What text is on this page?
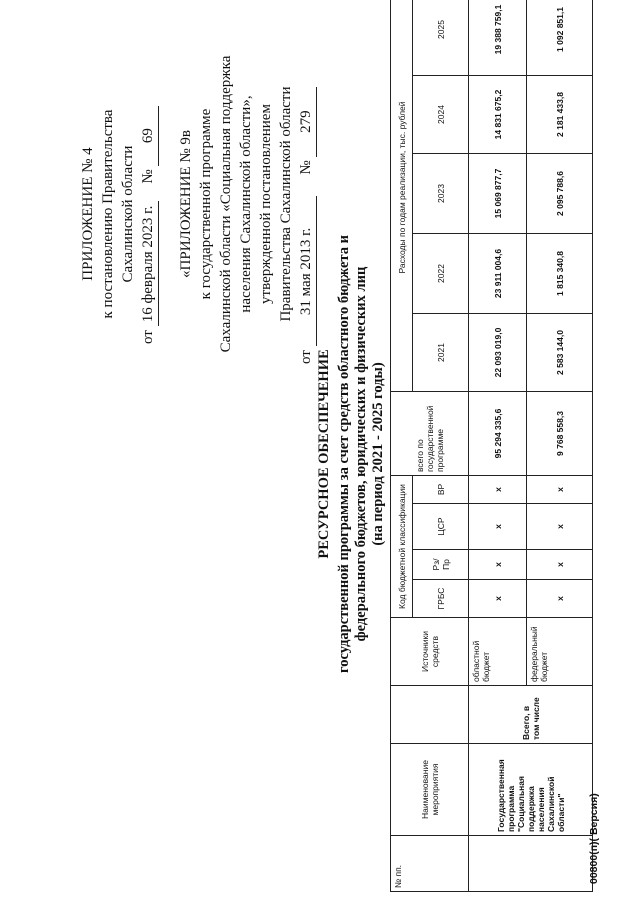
ПРИЛОЖЕНИЕ № 4 к постановлению Правительства Сахалинской области
от 16 февраля 2023 г. № 69 «ПРИЛОЖЕНИЕ № 9в к государственной программе Сахалинской области «Социальная поддержка населения Сахалинской области», утвержденной постановлением Правительства Сахалинской области
от 31 мая 2013 г. № 279
РЕСУРСНОЕ ОБЕСПЕЧЕНИЕ государственной программы за счет средств областного бюджета и федерального бюджетов, юридических и физических лиц (на период 2021 - 2025 годы)
№ пп.	Наименование мероприятия		Источники средств	Код бюджетной классификации				всего по государственной программе	Расходы по годам реализации, тыс. рублей				
				ГРБС	Рз/ Пр	ЦСР	ВР		2021	2022	2023	2024	2025
	Государственная программа "Социальная поддержка населения Сахалинской области"	Всего, в том числе	областной бюджет	x	x	x	x	95 294 335,6	22 093 019,0	23 911 004,6	15 069 877,7	14 831 675,2	19 388 759,1
			федеральный бюджет	x	x	x	x	9 768 558,3	2 583 144,0	1 815 340,8	2 095 788,6	2 181 433,8	1 092 851,1
00800(п)( Версия)
